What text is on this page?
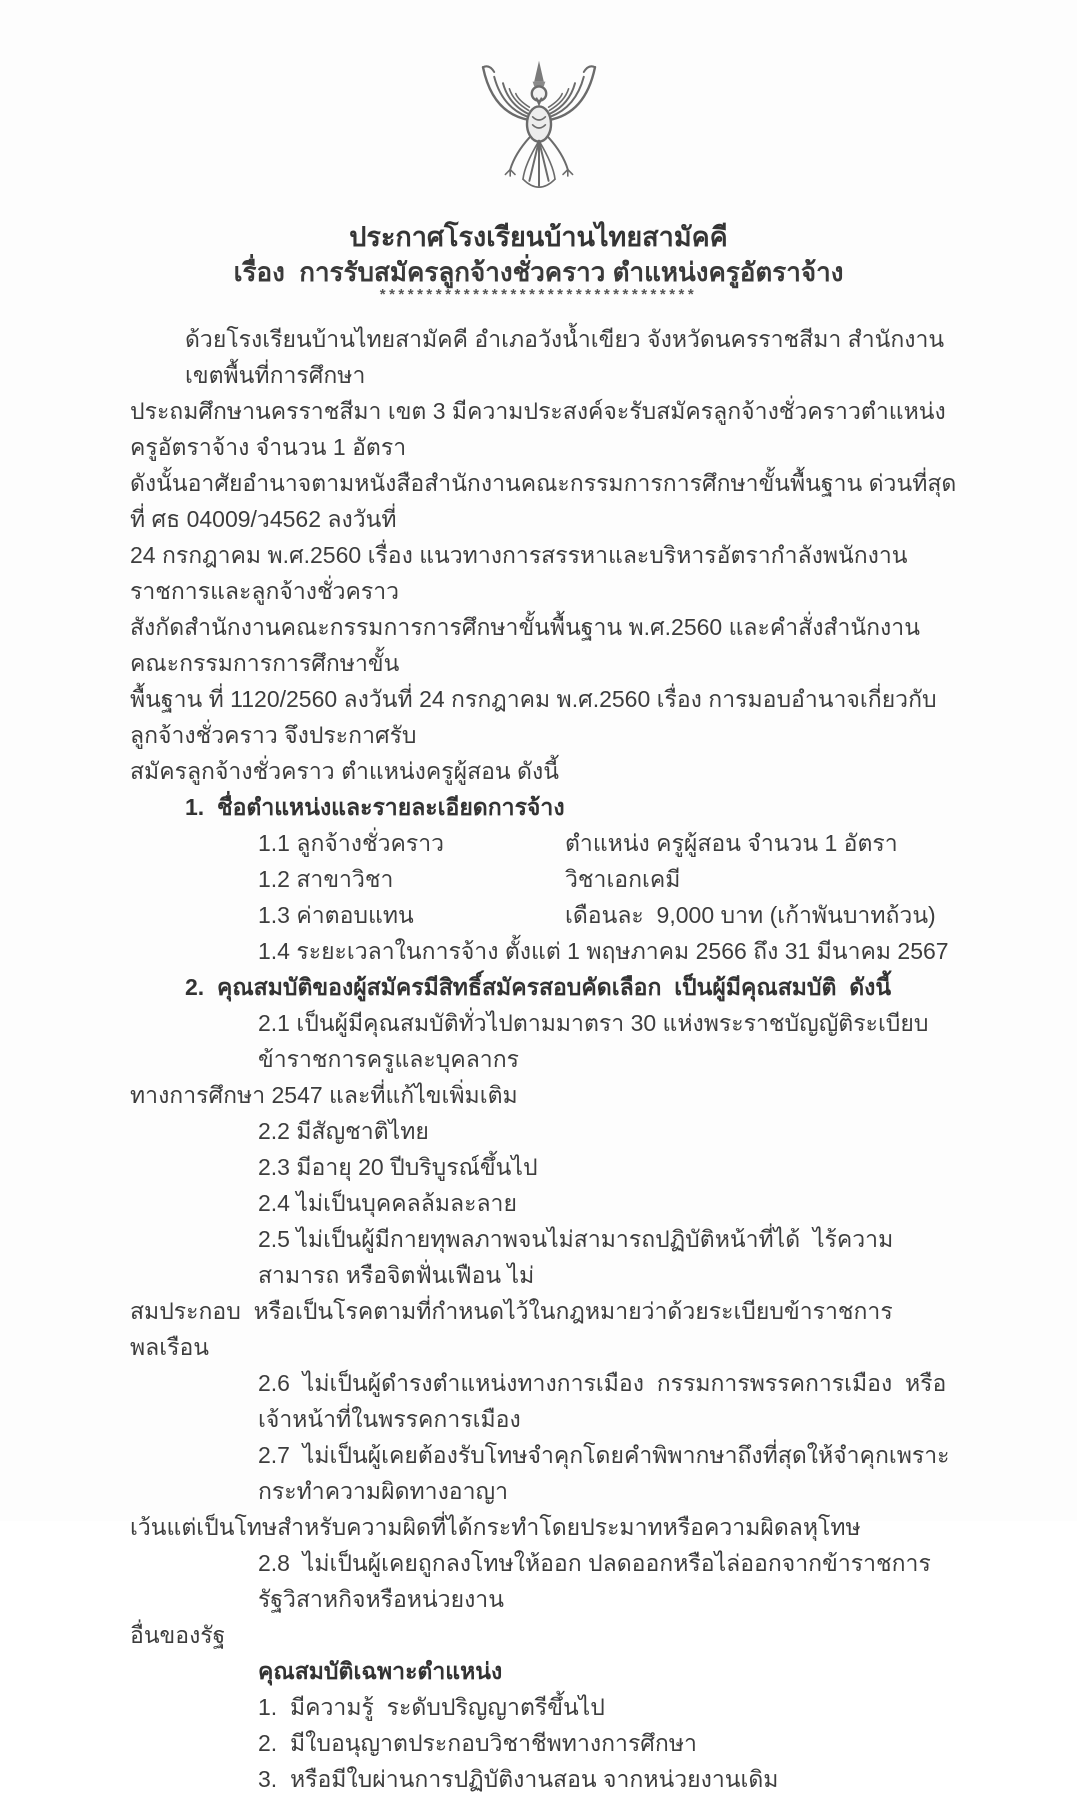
ประกาศโรงเรียนบ้านไทยสามัคคี
เรื่อง  การรับสมัครลูกจ้างชั่วคราว ตำแหน่งครูอัตราจ้าง
**********************************
ด้วยโรงเรียนบ้านไทยสามัคคี อำเภอวังน้ำเขียว จังหวัดนครราชสีมา สำนักงานเขตพื้นที่การศึกษา
ประถมศึกษานครราชสีมา เขต 3 มีความประสงค์จะรับสมัครลูกจ้างชั่วคราวตำแหน่ง ครูอัตราจ้าง จำนวน 1 อัตรา
ดังนั้นอาศัยอำนาจตามหนังสือสำนักงานคณะกรรมการการศึกษาขั้นพื้นฐาน ด่วนที่สุด ที่ ศธ 04009/ว4562 ลงวันที่
24 กรกฎาคม พ.ศ.2560 เรื่อง แนวทางการสรรหาและบริหารอัตรากำลังพนักงานราชการและลูกจ้างชั่วคราว
สังกัดสำนักงานคณะกรรมการการศึกษาขั้นพื้นฐาน พ.ศ.2560 และคำสั่งสำนักงานคณะกรรมการการศึกษาขั้น
พื้นฐาน ที่ 1120/2560 ลงวันที่ 24 กรกฎาคม พ.ศ.2560 เรื่อง การมอบอำนาจเกี่ยวกับลูกจ้างชั่วคราว จึงประกาศรับ
สมัครลูกจ้างชั่วคราว ตำแหน่งครูผู้สอน ดังนี้
1.  ชื่อตำแหน่งและรายละเอียดการจ้าง
1.1 ลูกจ้างชั่วคราว	ตำแหน่ง ครูผู้สอน จำนวน 1 อัตรา
1.2 สาขาวิชา	วิชาเอกเคมี
1.3 ค่าตอบแทน	เดือนละ  9,000 บาท (เก้าพันบาทถ้วน)
1.4 ระยะเวลาในการจ้าง ตั้งแต่ 1 พฤษภาคม 2566 ถึง 31 มีนาคม 2567
2.  คุณสมบัติของผู้สมัครมีสิทธิ์สมัครสอบคัดเลือก  เป็นผู้มีคุณสมบัติ  ดังนี้
2.1 เป็นผู้มีคุณสมบัติทั่วไปตามมาตรา 30 แห่งพระราชบัญญัติระเบียบข้าราชการครูและบุคลากร
ทางการศึกษา 2547 และที่แก้ไขเพิ่มเติม
2.2 มีสัญชาติไทย
2.3 มีอายุ 20 ปีบริบูรณ์ขึ้นไป
2.4 ไม่เป็นบุคคลล้มละลาย
2.5 ไม่เป็นผู้มีกายทุพลภาพจนไม่สามารถปฏิบัติหน้าที่ได้  ไร้ความสามารถ หรือจิตฟั่นเฟือน ไม่
สมประกอบ  หรือเป็นโรคตามที่กำหนดไว้ในกฎหมายว่าด้วยระเบียบข้าราชการพลเรือน
2.6  ไม่เป็นผู้ดำรงตำแหน่งทางการเมือง  กรรมการพรรคการเมือง  หรือเจ้าหน้าที่ในพรรคการเมือง
2.7  ไม่เป็นผู้เคยต้องรับโทษจำคุกโดยคำพิพากษาถึงที่สุดให้จำคุกเพราะกระทำความผิดทางอาญา
เว้นแต่เป็นโทษสำหรับความผิดที่ได้กระทำโดยประมาทหรือความผิดลหุโทษ
2.8  ไม่เป็นผู้เคยถูกลงโทษให้ออก ปลดออกหรือไล่ออกจากข้าราชการ  รัฐวิสาหกิจหรือหน่วยงาน
อื่นของรัฐ
คุณสมบัติเฉพาะตำแหน่ง
1.  มีความรู้  ระดับปริญญาตรีขึ้นไป
2.  มีใบอนุญาตประกอบวิชาชีพทางการศึกษา
3.  หรือมีใบผ่านการปฏิบัติงานสอน จากหน่วยงานเดิม
